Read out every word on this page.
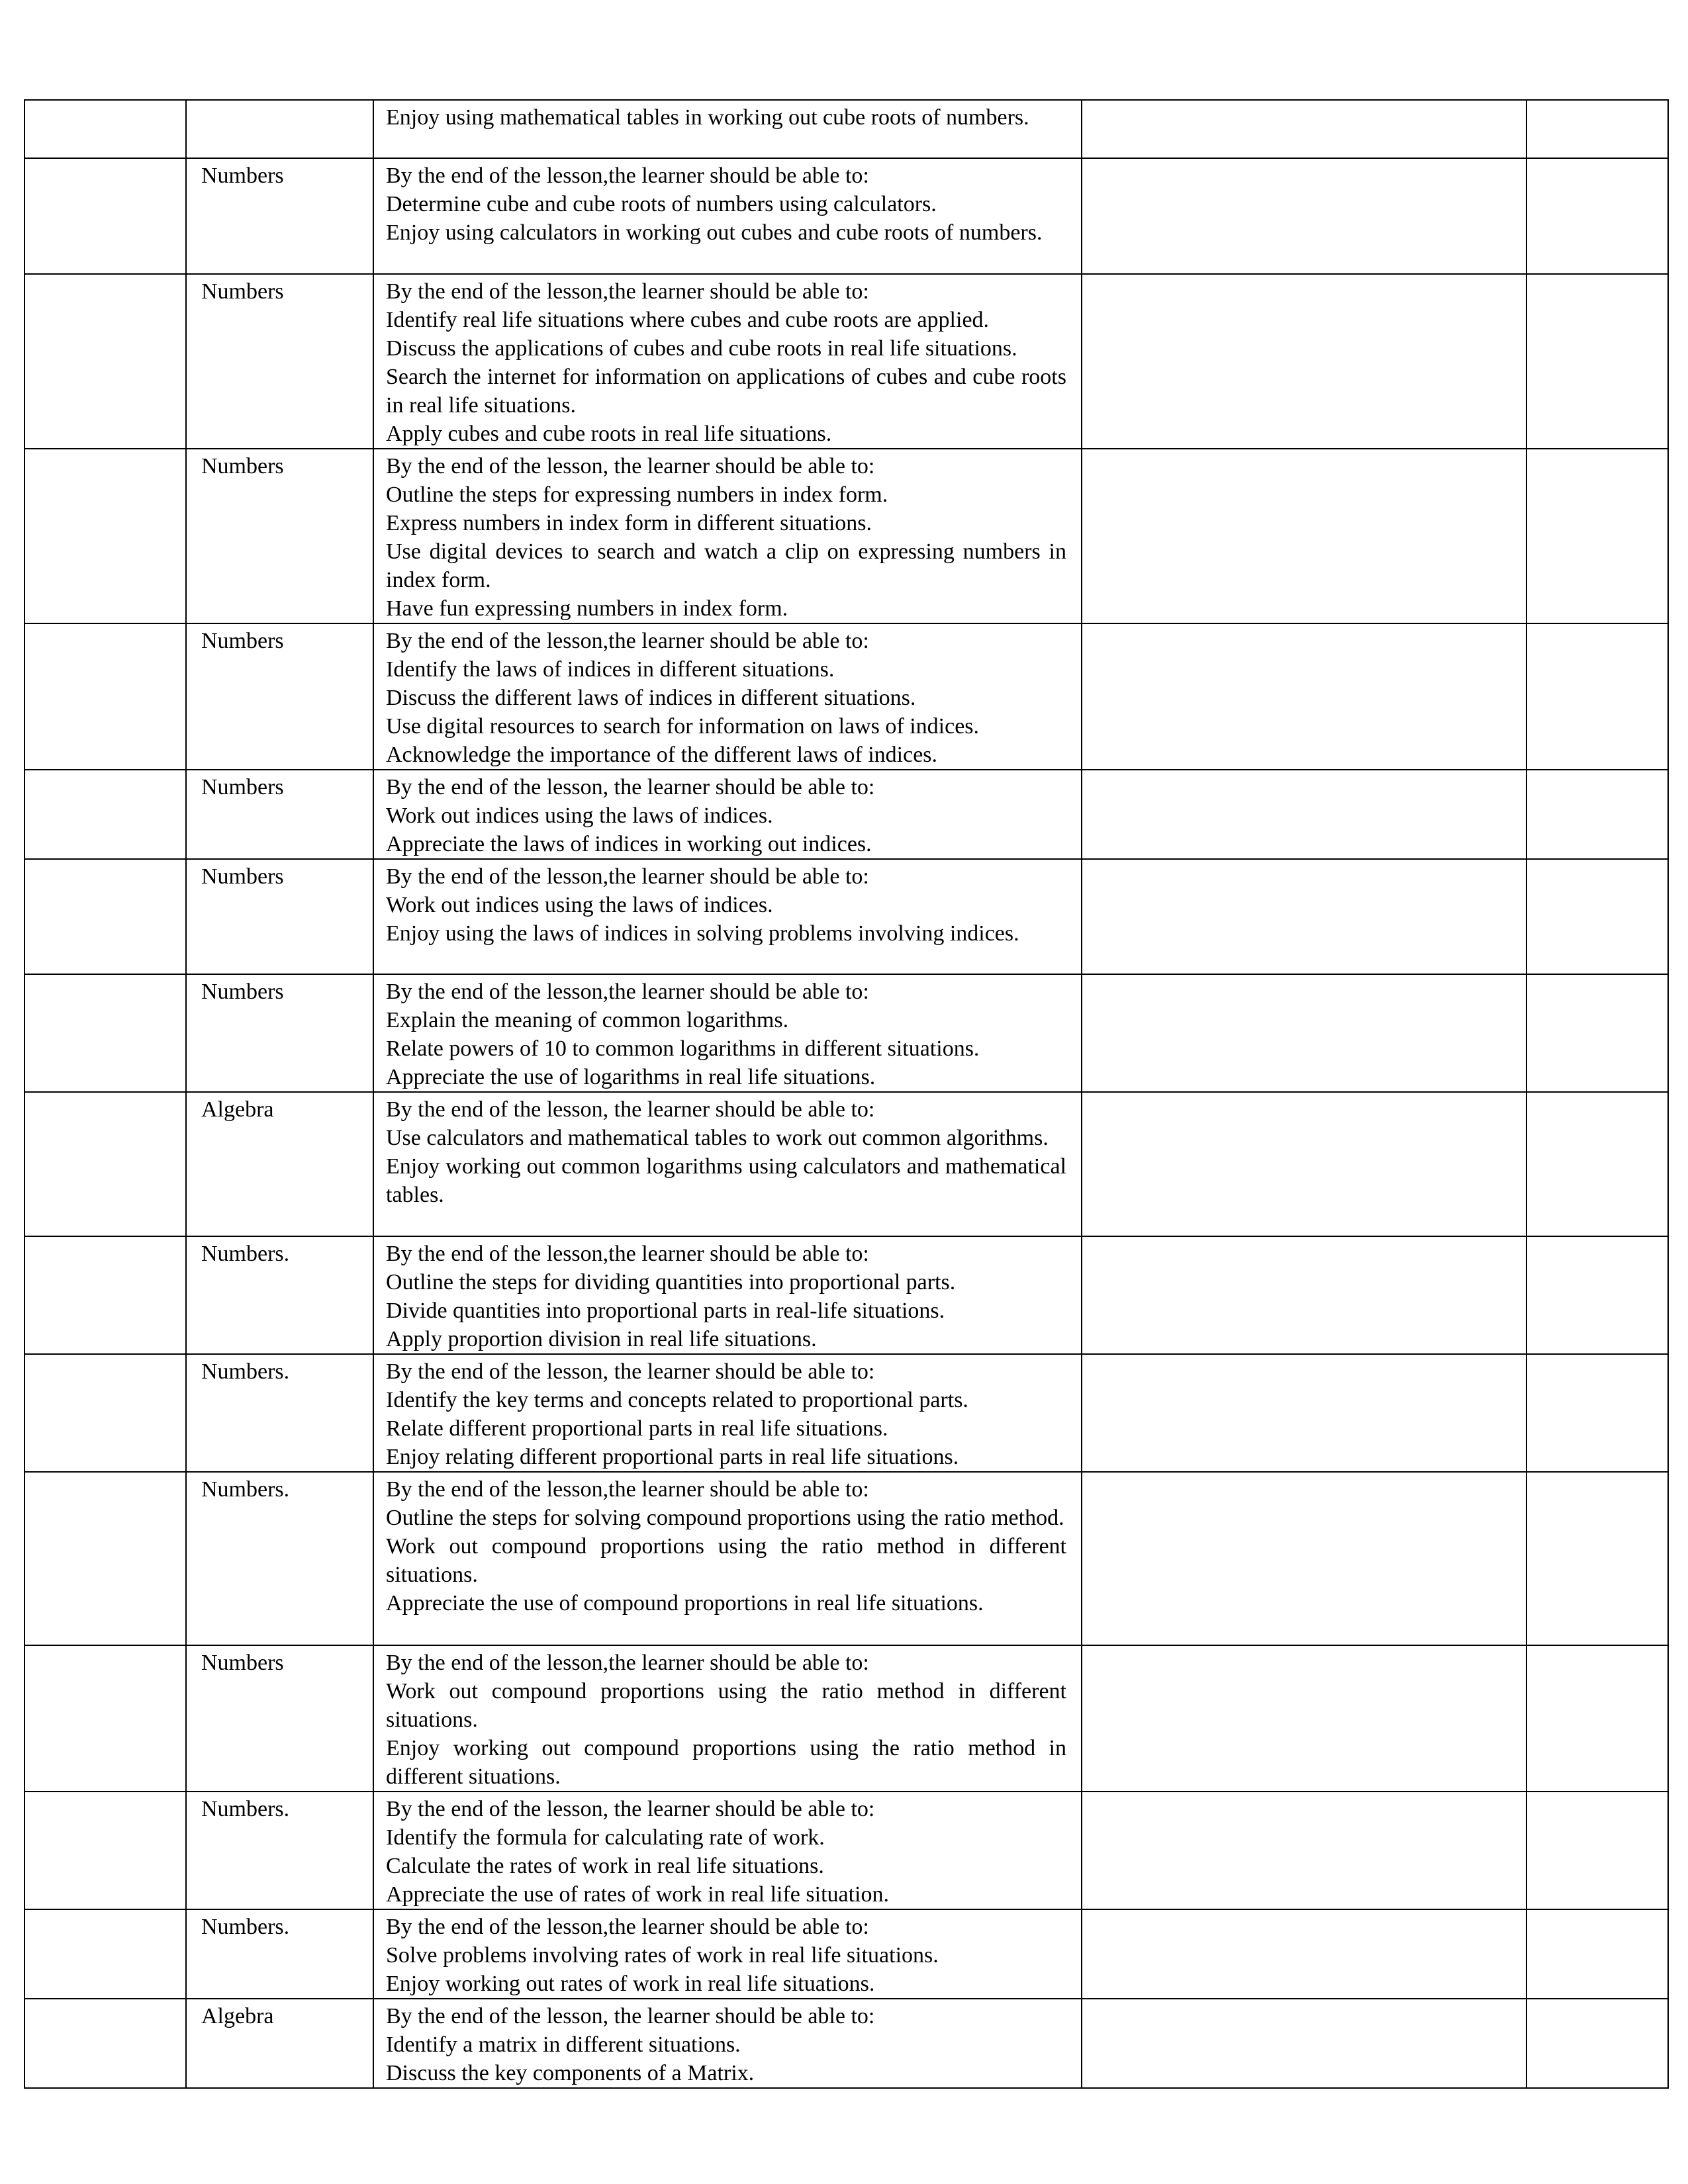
		Enjoy using mathematical tables in working out cube roots of numbers.		

	Numbers	By the end of the lesson,the learner should be able to:
Determine cube and cube roots of numbers using calculators.
Enjoy using calculators in working out cubes and cube roots of numbers.		

	Numbers	By the end of the lesson,the learner should be able to:
Identify real life situations where cubes and cube roots are applied.
Discuss the applications of cubes and cube roots in real life situations.
Search the internet for information on applications of cubes and cube roots in real life situations.
Apply cubes and cube roots in real life situations.		

	Numbers	By the end of the lesson, the learner should be able to:
Outline the steps for expressing numbers in index form.
Express numbers in index form in different situations.
Use digital devices to search and watch a clip on expressing numbers in index form.
Have fun expressing numbers in index form.		

	Numbers	By the end of the lesson,the learner should be able to:
Identify the laws of indices in different situations.
Discuss the different laws of indices in different situations.
Use digital resources to search for information on laws of indices.
Acknowledge the importance of the different laws of indices.		

	Numbers	By the end of the lesson, the learner should be able to:
Work out indices using the laws of indices.
Appreciate the laws of indices in working out indices.		

	Numbers	By the end of the lesson,the learner should be able to:
Work out indices using the laws of indices.
Enjoy using the laws of indices in solving problems involving indices.		

	Numbers	By the end of the lesson,the learner should be able to:
Explain the meaning of common logarithms.
Relate powers of 10 to common logarithms in different situations.
Appreciate the use of logarithms in real life situations.		

	Algebra	By the end of the lesson, the learner should be able to:
Use calculators and mathematical tables to work out common algorithms.
Enjoy working out common logarithms using calculators and mathematical tables.		

	Numbers.	By the end of the lesson,the learner should be able to:
Outline the steps for dividing quantities into proportional parts.
Divide quantities into proportional parts in real-life situations.
Apply proportion division in real life situations.		

	Numbers.	By the end of the lesson, the learner should be able to:
Identify the key terms and concepts related to proportional parts.
Relate different proportional parts in real life situations.
Enjoy relating different proportional parts in real life situations.		

	Numbers.	By the end of the lesson,the learner should be able to:
Outline the steps for solving compound proportions using the ratio method.
Work out compound proportions using the ratio method in different situations.
Appreciate the use of compound proportions in real life situations.		

	Numbers	By the end of the lesson,the learner should be able to:
Work out compound proportions using the ratio method in different situations.
Enjoy working out compound proportions using the ratio method in different situations.		

	Numbers.	By the end of the lesson, the learner should be able to:
Identify the formula for calculating rate of work.
Calculate the rates of work in real life situations.
Appreciate the use of rates of work in real life situation.		

	Numbers.	By the end of the lesson,the learner should be able to:
Solve problems involving rates of work in real life situations.
Enjoy working out rates of work in real life situations.		

	Algebra	By the end of the lesson, the learner should be able to:
Identify a matrix in different situations.
Discuss the key components of a Matrix.		
